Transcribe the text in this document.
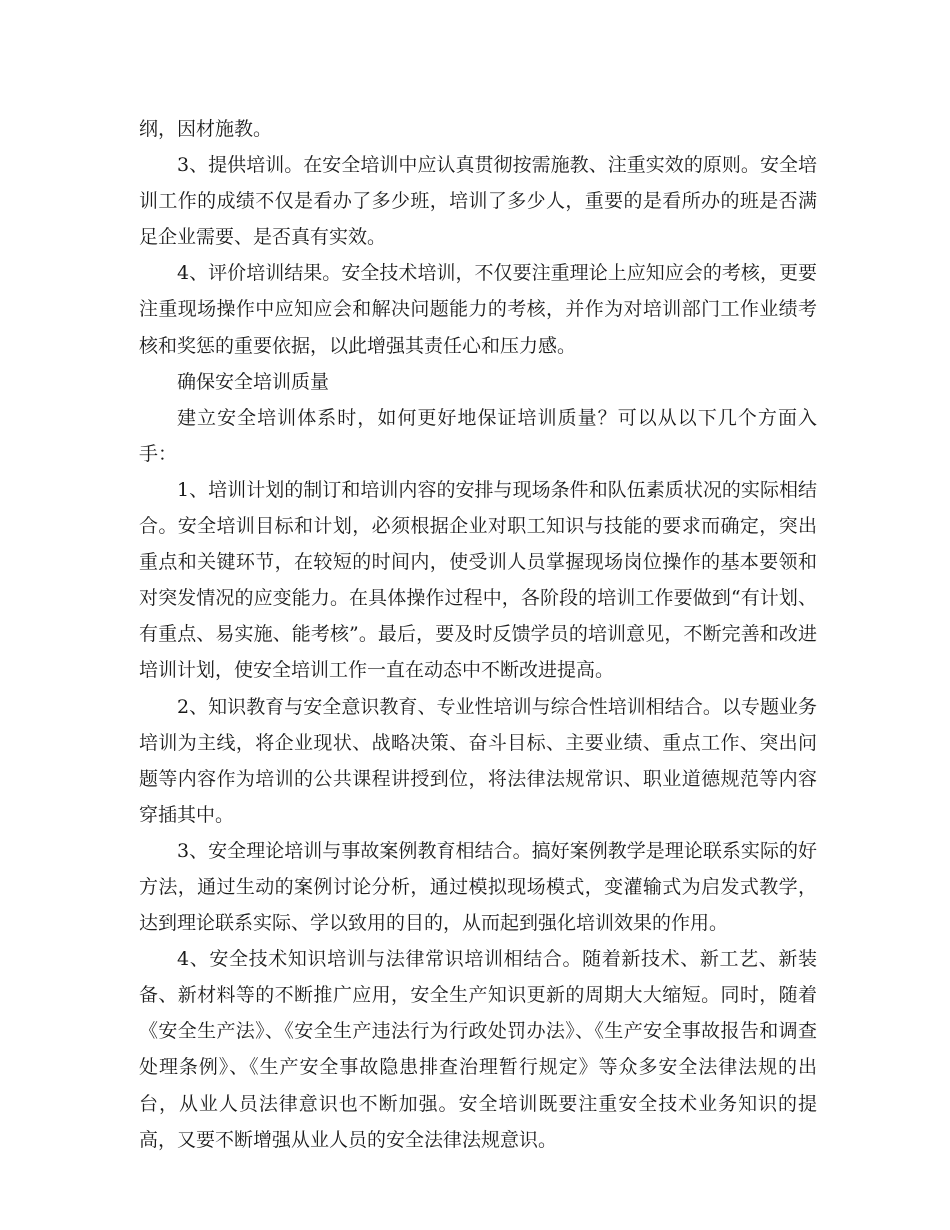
纲，因材施教。

3、提供培训。在安全培训中应认真贯彻按需施教、注重实效的原则。安全培训工作的成绩不仅是看办了多少班，培训了多少人，重要的是看所办的班是否满足企业需要、是否真有实效。

4、评价培训结果。安全技术培训，不仅要注重理论上应知应会的考核，更要注重现场操作中应知应会和解决问题能力的考核，并作为对培训部门工作业绩考核和奖惩的重要依据，以此增强其责任心和压力感。

确保安全培训质量

建立安全培训体系时，如何更好地保证培训质量？可以从以下几个方面入手：

1、培训计划的制订和培训内容的安排与现场条件和队伍素质状况的实际相结合。安全培训目标和计划，必须根据企业对职工知识与技能的要求而确定，突出重点和关键环节，在较短的时间内，使受训人员掌握现场岗位操作的基本要领和对突发情况的应变能力。在具体操作过程中，各阶段的培训工作要做到“有计划、有重点、易实施、能考核”。最后，要及时反馈学员的培训意见，不断完善和改进培训计划，使安全培训工作一直在动态中不断改进提高。

2、知识教育与安全意识教育、专业性培训与综合性培训相结合。以专题业务培训为主线，将企业现状、战略决策、奋斗目标、主要业绩、重点工作、突出问题等内容作为培训的公共课程讲授到位，将法律法规常识、职业道德规范等内容穿插其中。

3、安全理论培训与事故案例教育相结合。搞好案例教学是理论联系实际的好方法，通过生动的案例讨论分析，通过模拟现场模式，变灌输式为启发式教学，达到理论联系实际、学以致用的目的，从而起到强化培训效果的作用。

4、安全技术知识培训与法律常识培训相结合。随着新技术、新工艺、新装备、新材料等的不断推广应用，安全生产知识更新的周期大大缩短。同时，随着《安全生产法》、《安全生产违法行为行政处罚办法》、《生产安全事故报告和调查处理条例》、《生产安全事故隐患排查治理暂行规定》等众多安全法律法规的出台，从业人员法律意识也不断加强。安全培训既要注重安全技术业务知识的提高，又要不断增强从业人员的安全法律法规意识。
